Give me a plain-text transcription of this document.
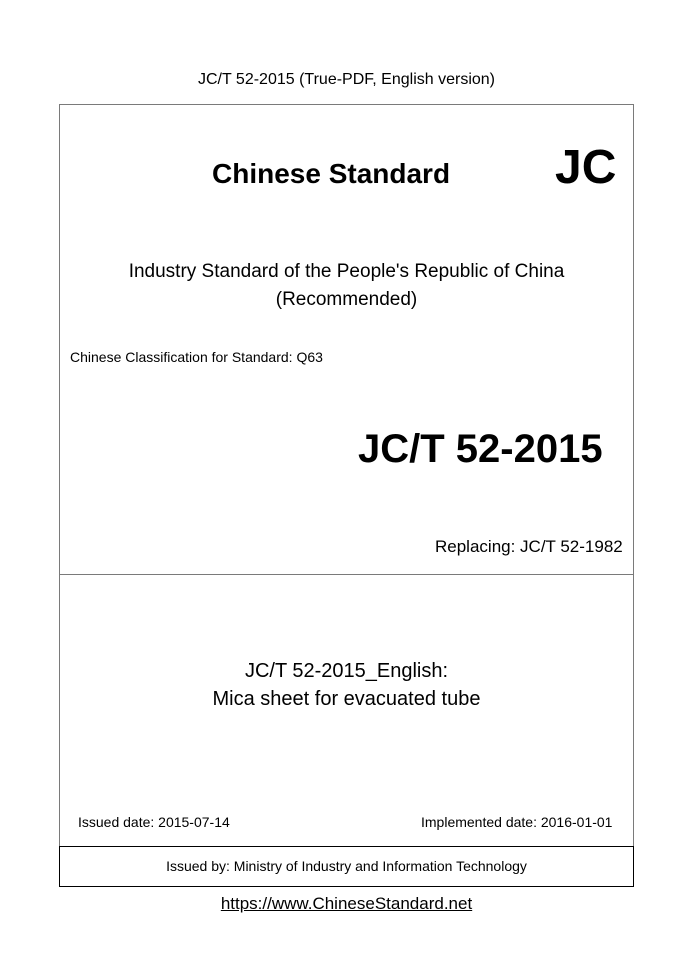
JC/T 52-2015 (True-PDF, English version)
Chinese Standard JC
Industry Standard of the People's Republic of China
(Recommended)
Chinese Classification for Standard: Q63
JC/T 52-2015
Replacing: JC/T 52-1982
JC/T 52-2015_English:
Mica sheet for evacuated tube
Issued date: 2015-07-14	Implemented date: 2016-01-01
Issued by: Ministry of Industry and Information Technology
https://www.ChineseStandard.net
